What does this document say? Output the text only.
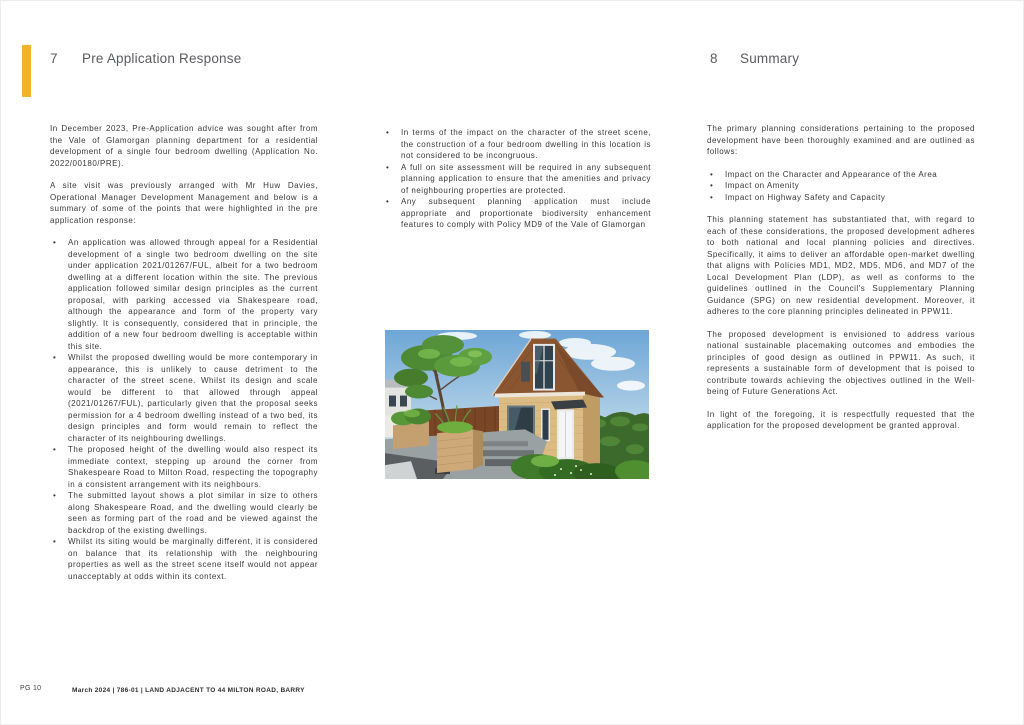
7 Pre Application Response	8 Summary

In December 2023, Pre-Application advice was sought after from the Vale of Glamorgan planning department for a residential development of a single four bedroom dwelling (Application No. 2022/00180/PRE).

A site visit was previously arranged with Mr Huw Davies, Operational Manager Development Management and below is a summary of some of the points that were highlighted in the pre application response:

• An application was allowed through appeal for a Residential development of a single two bedroom dwelling on the site under application 2021/01267/FUL, albeit for a two bedroom dwelling at a different location within the site. The previous application followed similar design principles as the current proposal, with parking accessed via Shakespeare road, although the appearance and form of the property vary slightly. It is consequently, considered that in principle, the addition of a new four bedroom dwelling is acceptable within this site.
• Whilst the proposed dwelling would be more contemporary in appearance, this is unlikely to cause detriment to the character of the street scene. Whilst its design and scale would be different to that allowed through appeal (2021/01267/FUL), particularly given that the proposal seeks permission for a 4 bedroom dwelling instead of a two bed, its design principles and form would remain to reflect the character of its neighbouring dwellings.
• The proposed height of the dwelling would also respect its immediate context, stepping up around the corner from Shakespeare Road to Milton Road, respecting the topography in a consistent arrangement with its neighbours.
• The submitted layout shows a plot similar in size to others along Shakespeare Road, and the dwelling would clearly be seen as forming part of the road and be viewed against the backdrop of the existing dwellings.
• Whilst its siting would be marginally different, it is considered on balance that its relationship with the neighbouring properties as well as the street scene itself would not appear unacceptably at odds within its context.
• In terms of the impact on the character of the street scene, the construction of a four bedroom dwelling in this location is not considered to be incongruous.
• A full on site assessment will be required in any subsequent planning application to ensure that the amenities and privacy of neighbouring properties are protected.
• Any subsequent planning application must include appropriate and proportionate biodiversity enhancement features to comply with Policy MD9 of the Vale of Glamorgan

The primary planning considerations pertaining to the proposed development have been thoroughly examined and are outlined as follows:

• Impact on the Character and Appearance of the Area
• Impact on Amenity
• Impact on Highway Safety and Capacity

This planning statement has substantiated that, with regard to each of these considerations, the proposed development adheres to both national and local planning policies and directives. Specifically, it aims to deliver an affordable open-market dwelling that aligns with Policies MD1, MD2, MD5, MD6, and MD7 of the Local Development Plan (LDP), as well as conforms to the guidelines outlined in the Council's Supplementary Planning Guidance (SPG) on new residential development. Moreover, it adheres to the core planning principles delineated in PPW11.

The proposed development is envisioned to address various national sustainable placemaking outcomes and embodies the principles of good design as outlined in PPW11. As such, it represents a sustainable form of development that is poised to contribute towards achieving the objectives outlined in the Well-being of Future Generations Act.

In light of the foregoing, it is respectfully requested that the application for the proposed development be granted approval.

PG 10	March 2024 | 786-01 | LAND ADJACENT TO 44 MILTON ROAD, BARRY
